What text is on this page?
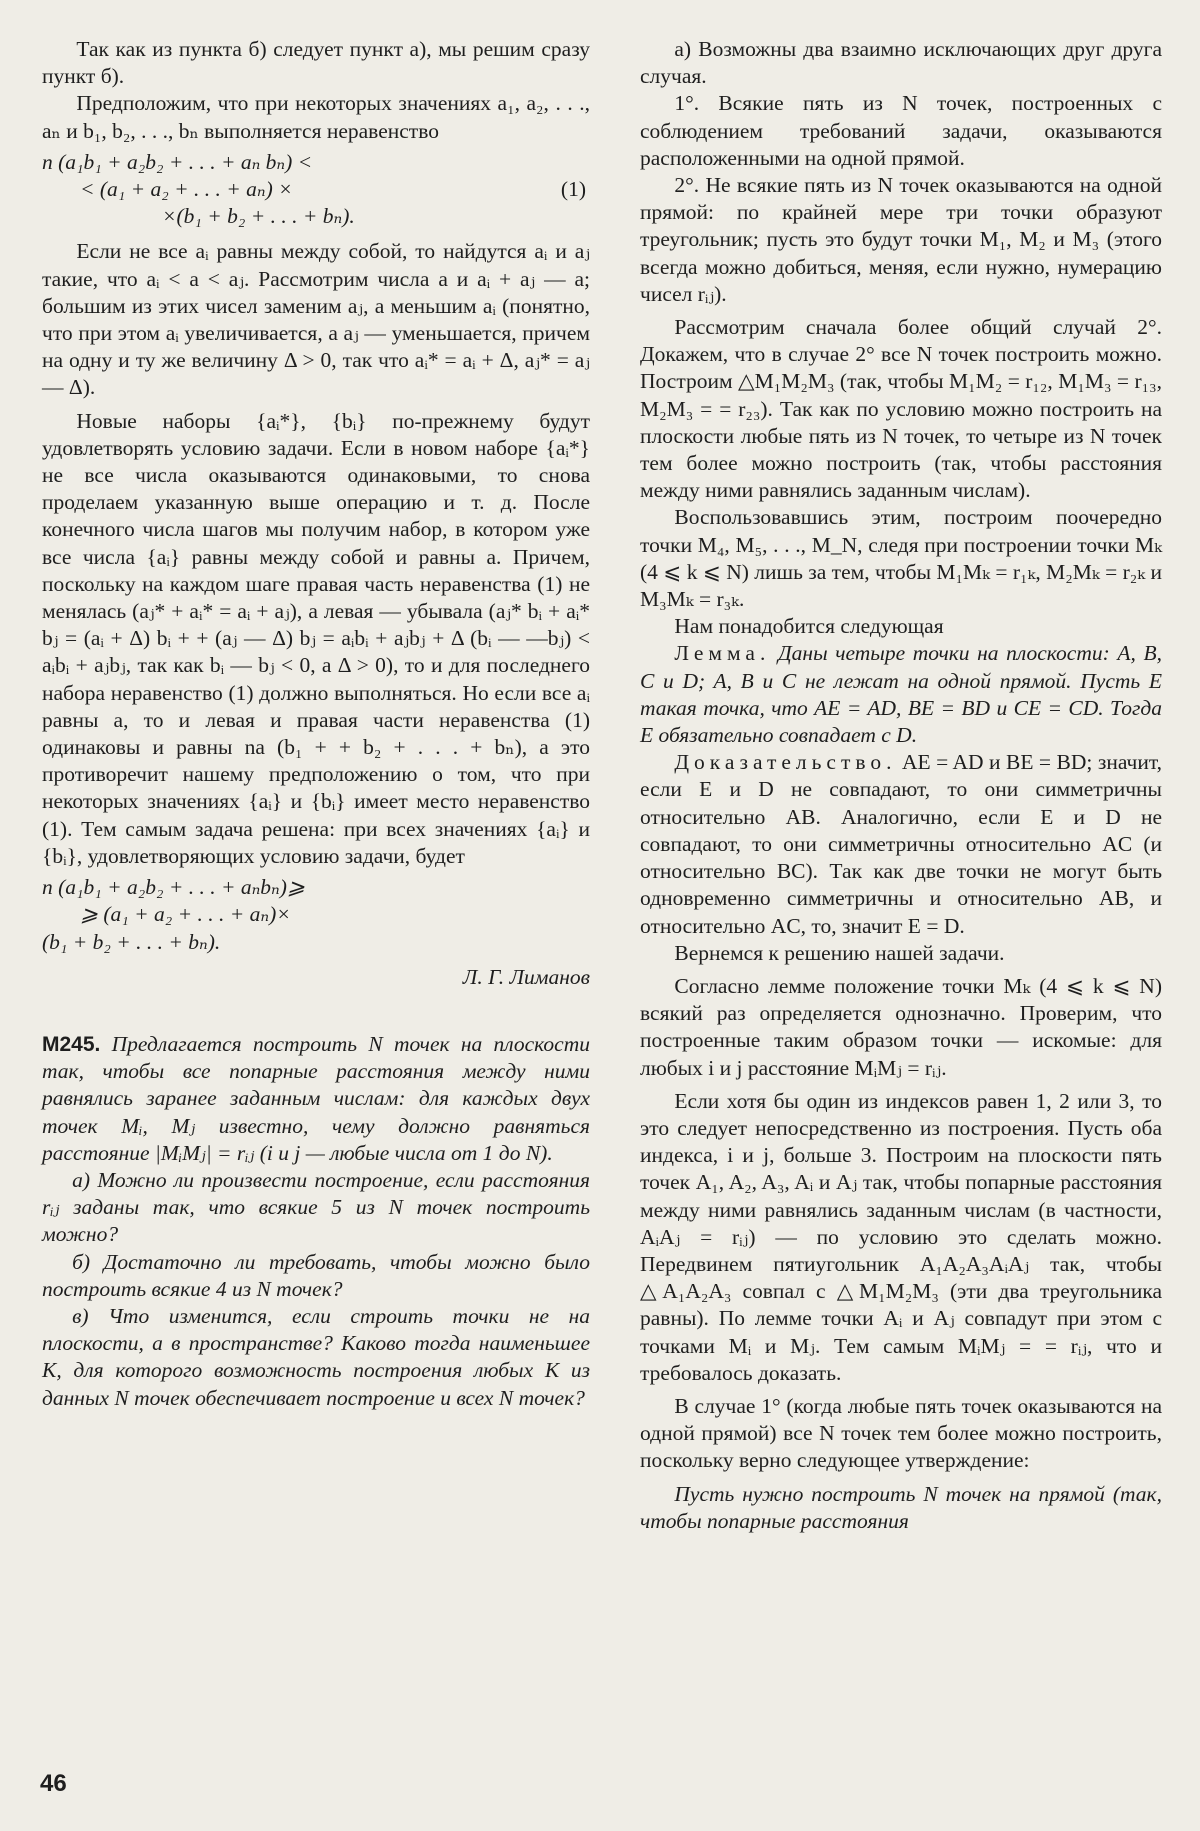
Так как из пункта б) следует пункт а), мы решим сразу пункт б).

Предположим, что при некоторых значениях a₁, a₂, . . ., aₙ и b₁, b₂, . . ., bₙ выполняется неравенство

n (a₁b₁ + a₂b₂ + . . . + aₙ bₙ) <
< (a₁ + a₂ + . . . + aₙ) ×	(1)
×(b₁ + b₂ + . . . + bₙ).

Если не все aᵢ равны между собой, то найдутся aᵢ и aⱼ такие, что aᵢ < a < aⱼ. Рассмотрим числа a и aᵢ + aⱼ — a; большим из этих чисел заменим aⱼ, а меньшим aᵢ (понятно, что при этом aᵢ увеличивается, а aⱼ — уменьшается, причем на одну и ту же величину Δ > 0, так что aᵢ* = aᵢ + Δ, aⱼ* = aⱼ — Δ).

Новые наборы {aᵢ*}, {bᵢ} по-прежнему будут удовлетворять условию задачи. Если в новом наборе {aᵢ*} не все числа оказываются одинаковыми, то снова проделаем указанную выше операцию и т. д. После конечного числа шагов мы получим набор, в котором уже все числа {aᵢ} равны между собой и равны a. Причем, поскольку на каждом шаге правая часть неравенства (1) не менялась (aⱼ* + aᵢ* = aᵢ + aⱼ), а левая — убывала (aⱼ* bᵢ + aᵢ* bⱼ = (aᵢ + Δ) bᵢ + + (aⱼ — Δ) bⱼ = aᵢbᵢ + aⱼbⱼ + Δ (bᵢ — —bⱼ) < aᵢbᵢ + aⱼbⱼ, так как bᵢ — bⱼ < 0, а Δ > 0), то и для последнего набора неравенство (1) должно выполняться. Но если все aᵢ равны a, то и левая и правая части неравенства (1) одинаковы и равны na (b₁ + + b₂ + . . . + bₙ), а это противоречит нашему предположению о том, что при некоторых значениях {aᵢ} и {bᵢ} имеет место неравенство (1). Тем самым задача решена: при всех значениях {aᵢ} и {bᵢ}, удовлетворяющих условию задачи, будет

n (a₁b₁ + a₂b₂ + . . . + aₙbₙ)⩾
⩾ (a₁ + a₂ + . . . + aₙ)×
(b₁ + b₂ + . . . + bₙ).

Л. Г. Лиманов

М245. Предлагается построить N точек на плоскости так, чтобы все попарные расстояния между ними равнялись заранее заданным числам: для каждых двух точек Mᵢ, Mⱼ известно, чему должно равняться расстояние |MᵢMⱼ| = rᵢⱼ (i и j — любые числа от 1 до N).

а) Можно ли произвести построение, если расстояния rᵢⱼ заданы так, что всякие 5 из N точек построить можно?

б) Достаточно ли требовать, чтобы можно было построить всякие 4 из N точек?

в) Что изменится, если строить точки не на плоскости, а в пространстве? Каково тогда наименьшее K, для которого возможность построения любых K из данных N точек обеспечивает построение и всех N точек?

а) Возможны два взаимно исключающих друг друга случая.

1°. Всякие пять из N точек, построенных с соблюдением требований задачи, оказываются расположенными на одной прямой.

2°. Не всякие пять из N точек оказываются на одной прямой: по крайней мере три точки образуют треугольник; пусть это будут точки M₁, M₂ и M₃ (этого всегда можно добиться, меняя, если нужно, нумерацию чисел rᵢⱼ).

Рассмотрим сначала более общий случай 2°. Докажем, что в случае 2° все N точек построить можно. Построим △M₁M₂M₃ (так, чтобы M₁M₂ = r₁₂, M₁M₃ = r₁₃, M₂M₃ = = r₂₃). Так как по условию можно построить на плоскости любые пять из N точек, то четыре из N точек тем более можно построить (так, чтобы расстояния между ними равнялись заданным числам).

Воспользовавшись этим, построим поочередно точки M₄, M₅, . . ., M_N, следя при построении точки Mₖ (4 ⩽ k ⩽ N) лишь за тем, чтобы M₁Mₖ = r₁ₖ, M₂Mₖ = r₂ₖ и M₃Mₖ = r₃ₖ.

Нам понадобится следующая

Лемма. Даны четыре точки на плоскости: A, B, C и D; A, B и C не лежат на одной прямой. Пусть E такая точка, что AE = AD, BE = BD и CE = CD. Тогда E обязательно совпадает с D.

Доказательство. AE = AD и BE = BD; значит, если E и D не совпадают, то они симметричны относительно AB. Аналогично, если E и D не совпадают, то они симметричны относительно AC (и относительно BC). Так как две точки не могут быть одновременно симметричны и относительно AB, и относительно AC, то, значит E = D.

Вернемся к решению нашей задачи.

Согласно лемме положение точки Mₖ (4 ⩽ k ⩽ N) всякий раз определяется однозначно. Проверим, что построенные таким образом точки — искомые: для любых i и j расстояние MᵢMⱼ = rᵢⱼ.

Если хотя бы один из индексов равен 1, 2 или 3, то это следует непосредственно из построения. Пусть оба индекса, i и j, больше 3. Построим на плоскости пять точек A₁, A₂, A₃, Aᵢ и Aⱼ так, чтобы попарные расстояния между ними равнялись заданным числам (в частности, AᵢAⱼ = rᵢⱼ) — по условию это сделать можно. Передвинем пятиугольник A₁A₂A₃AᵢAⱼ так, чтобы △A₁A₂A₃ совпал с △M₁M₂M₃ (эти два треугольника равны). По лемме точки Aᵢ и Aⱼ совпадут при этом с точками Mᵢ и Mⱼ. Тем самым MᵢMⱼ = = rᵢⱼ, что и требовалось доказать.

В случае 1° (когда любые пять точек оказываются на одной прямой) все N точек тем более можно построить, поскольку верно следующее утверждение:

Пусть нужно построить N точек на прямой (так, чтобы попарные расстояния

46
